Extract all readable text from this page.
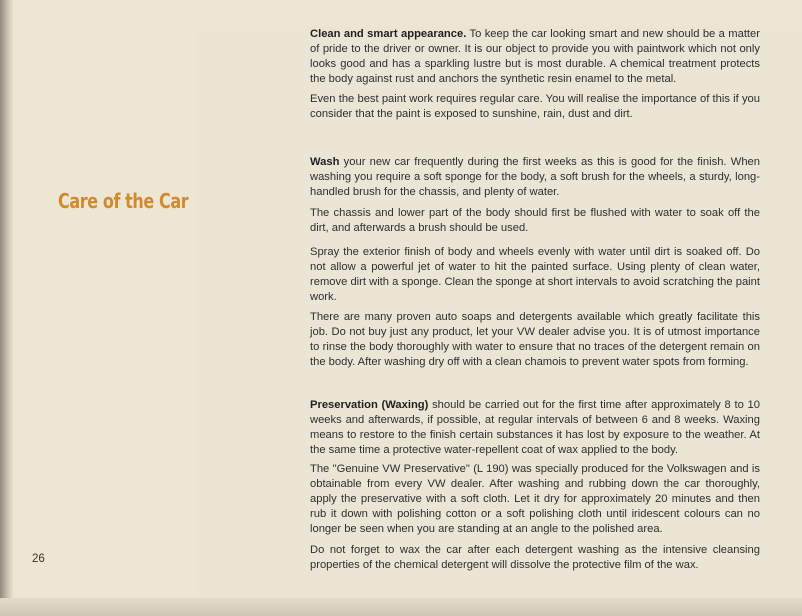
Care of the Car
26

Clean and smart appearance. To keep the car looking smart and new should be a matter of pride to the driver or owner. It is our object to provide you with paintwork which not only looks good and has a sparkling lustre but is most durable. A chemical treatment protects the body against rust and anchors the synthetic resin enamel to the metal.

Even the best paint work requires regular care. You will realise the importance of this if you consider that the paint is exposed to sunshine, rain, dust and dirt.

Wash your new car frequently during the first weeks as this is good for the finish. When washing you require a soft sponge for the body, a soft brush for the wheels, a sturdy, long-handled brush for the chassis, and plenty of water.

The chassis and lower part of the body should first be flushed with water to soak off the dirt, and afterwards a brush should be used.

Spray the exterior finish of body and wheels evenly with water until dirt is soaked off. Do not allow a powerful jet of water to hit the painted surface. Using plenty of clean water, remove dirt with a sponge. Clean the sponge at short intervals to avoid scratching the paint work.

There are many proven auto soaps and detergents available which greatly facilitate this job. Do not buy just any product, let your VW dealer advise you. It is of utmost importance to rinse the body thoroughly with water to ensure that no traces of the detergent remain on the body. After washing dry off with a clean chamois to prevent water spots from forming.

Preservation (Waxing) should be carried out for the first time after approximately 8 to 10 weeks and afterwards, if possible, at regular intervals of between 6 and 8 weeks. Waxing means to restore to the finish certain substances it has lost by exposure to the weather. At the same time a protective water-repellent coat of wax applied to the body.

The "Genuine VW Preservative" (L 190) was specially produced for the Volkswagen and is obtainable from every VW dealer. After washing and rubbing down the car thoroughly, apply the preservative with a soft cloth. Let it dry for approximately 20 minutes and then rub it down with polishing cotton or a soft polishing cloth until iridescent colours can no longer be seen when you are standing at an angle to the polished area.

Do not forget to wax the car after each detergent washing as the intensive cleansing properties of the chemical detergent will dissolve the protective film of the wax.
